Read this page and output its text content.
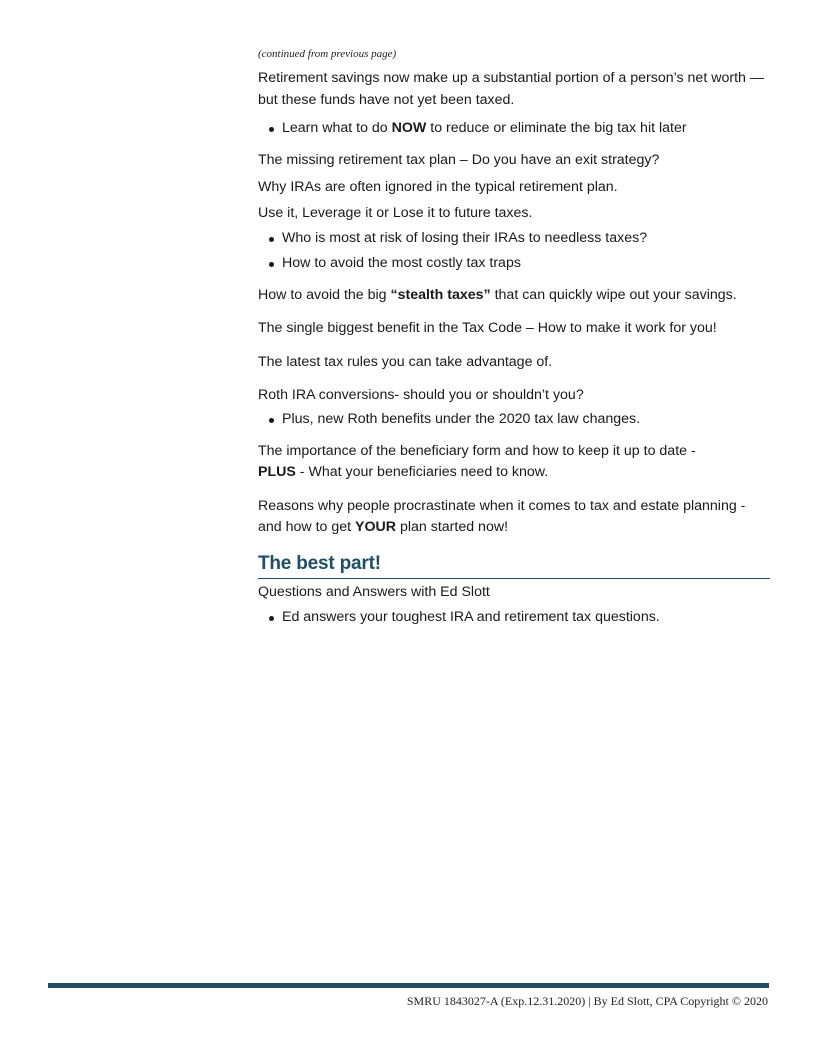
(continued from previous page)

Retirement savings now make up a substantial portion of a person’s net worth — but these funds have not yet been taxed.

Learn what to do NOW to reduce or eliminate the big tax hit later

The missing retirement tax plan – Do you have an exit strategy?

Why IRAs are often ignored in the typical retirement plan.

Use it, Leverage it or Lose it to future taxes.

Who is most at risk of losing their IRAs to needless taxes?
How to avoid the most costly tax traps

How to avoid the big “stealth taxes” that can quickly wipe out your savings.

The single biggest benefit in the Tax Code – How to make it work for you!

The latest tax rules you can take advantage of.

Roth IRA conversions- should you or shouldn’t you?

Plus, new Roth benefits under the 2020 tax law changes.

The importance of the beneficiary form and how to keep it up to date -
PLUS - What your beneficiaries need to know.

Reasons why people procrastinate when it comes to tax and estate planning - and how to get YOUR plan started now!

The best part!

Questions and Answers with Ed Slott

Ed answers your toughest IRA and retirement tax questions.
SMRU 1843027-A (Exp.12.31.2020) | By Ed Slott, CPA Copyright © 2020
